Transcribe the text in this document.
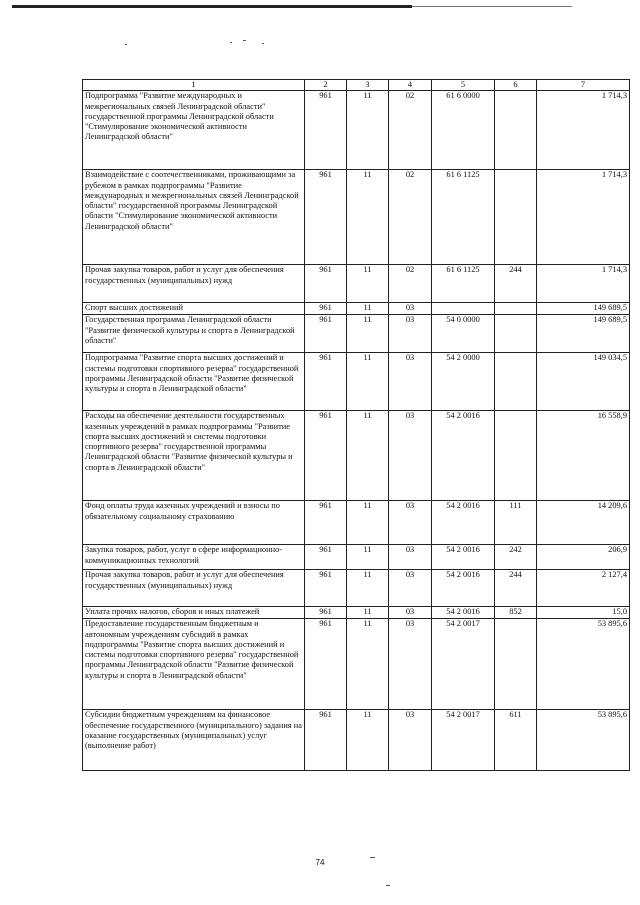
1	2	3	4	5	6	7
Подпрограмма "Развитие международных и межрегиональных связей Ленинградской области" государственной программы Ленинградской области "Стимулирование экономической активности Ленинградской области"	961	11	02	61 6 0000		1 714,3
Взаимодействие с соотечественниками, проживающими за рубежом в рамках подпрограммы "Развитие международных и межрегиональных связей Ленинградской области" государственной программы Ленинградской области "Стимулирование экономической активности Ленинградской области"	961	11	02	61 6 1125		1 714,3
Прочая закупка товаров, работ и услуг для обеспечения государственных (муниципальных) нужд	961	11	02	61 6 1125	244	1 714,3
Спорт высших достижений	961	11	03			149 689,5
Государственная программа Ленинградской области "Развитие физической культуры и спорта в Ленинградской области"	961	11	03	54 0 0000		149 689,5
Подпрограмма "Развитие спорта высших достижений и системы подготовки спортивного резерва" государственной программы Ленинградской области "Развитие физической культуры и спорта в Ленинградской области"	961	11	03	54 2 0000		149 034,5
Расходы на обеспечение деятельности государственных казенных учреждений в рамках подпрограммы "Развитие спорта высших достижений и системы подготовки спортивного резерва" государственной программы Ленинградской области "Развитие физической культуры и спорта в Ленинградской области"	961	11	03	54 2 0016		16 558,9
Фонд оплаты труда казенных учреждений и взносы по обязательному социальному страхованию	961	11	03	54 2 0016	111	14 209,6
Закупка товаров, работ, услуг в сфере информационно-коммуникационных технологий	961	11	03	54 2 0016	242	206,9
Прочая закупка товаров, работ и услуг для обеспечения государственных (муниципальных) нужд	961	11	03	54 2 0016	244	2 127,4
Уплата прочих налогов, сборов и иных платежей	961	11	03	54 2 0016	852	15,0
Предоставление государственным бюджетным и автономным учреждениям субсидий в рамках подпрограммы "Развитие спорта высших достижений и системы подготовки спортивного резерва" государственной программы Ленинградской области "Развитие физической культуры и спорта в Ленинградской области"	961	11	03	54 2 0017		53 895,6
Субсидии бюджетным учреждениям на финансовое обеспечение государственного (муниципального) задания на оказание государственных (муниципальных) услуг (выполнение работ)	961	11	03	54 2 0017	611	53 895,6
74
